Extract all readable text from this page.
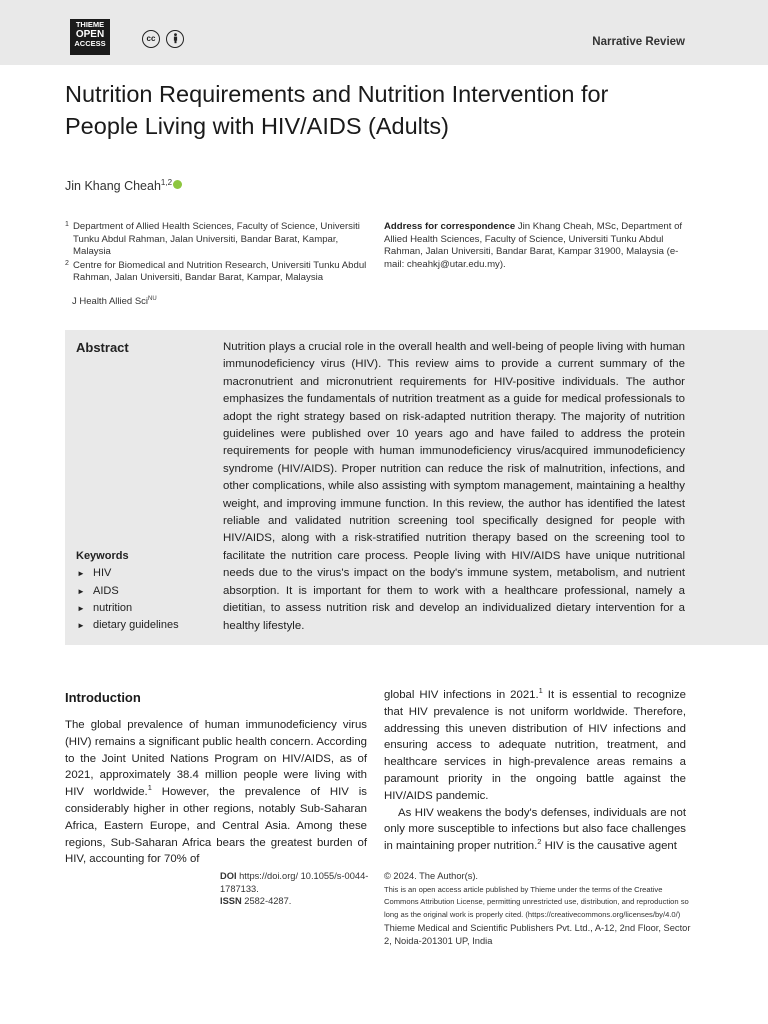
THIEME
OPEN
ACCESS
cc	Narrative Review
Nutrition Requirements and Nutrition Intervention for People Living with HIV/AIDS (Adults)
Jin Khang Cheah$^{1,2}$
1 Department of Allied Health Sciences, Faculty of Science, Universiti Tunku Abdul Rahman, Jalan Universiti, Bandar Barat, Kampar, Malaysia
2 Centre for Biomedical and Nutrition Research, Universiti Tunku Abdul Rahman, Jalan Universiti, Bandar Barat, Kampar, Malaysia
Address for correspondence Jin Khang Cheah, MSc, Department of Allied Health Sciences, Faculty of Science, Universiti Tunku Abdul Rahman, Jalan Universiti, Bandar Barat, Kampar 31900, Malaysia (e-mail: cheahkj@utar.edu.my).
J Health Allied Sci$^{NU}$
Abstract	Nutrition plays a crucial role in the overall health and well-being of people living with human immunodeficiency virus (HIV). This review aims to provide a current summary of the macronutrient and micronutrient requirements for HIV-positive individuals. The author emphasizes the fundamentals of nutrition treatment as a guide for medical professionals to adopt the right strategy based on risk-adapted nutrition therapy. The majority of nutrition guidelines were published over 10 years ago and have failed to address the protein requirements for people with human immunodeficiency virus/acquired immunodeficiency syndrome (HIV/AIDS). Proper nutrition can reduce the risk of malnutrition, infections, and other complications, while also assisting with symptom management, maintaining a healthy weight, and improving immune function. In this review, the author has identified the latest reliable and validated nutrition screening tool specifically designed for people with HIV/AIDS, along with a risk-stratified nutrition therapy based on the screening tool to facilitate the nutrition care process. People living with HIV/AIDS have unique nutritional needs due to the virus's impact on the body's immune system, metabolism, and nutrient absorption. It is important for them to work with a healthcare professional, namely a dietitian, to assess nutrition risk and develop an individualized dietary intervention for a healthy lifestyle.
Keywords
► HIV
► AIDS
► nutrition
► dietary guidelines
Introduction

The global prevalence of human immunodeficiency virus (HIV) remains a significant public health concern. According to the Joint United Nations Program on HIV/AIDS, as of 2021, approximately 38.4 million people were living with HIV worldwide.$^1$ However, the prevalence of HIV is considerably higher in other regions, notably Sub-Saharan Africa, Eastern Europe, and Central Asia. Among these regions, Sub-Saharan Africa bears the greatest burden of HIV, accounting for 70% of

global HIV infections in 2021.$^1$ It is essential to recognize that HIV prevalence is not uniform worldwide. Therefore, addressing this uneven distribution of HIV infections and ensuring access to adequate nutrition, treatment, and healthcare services in high-prevalence areas remains a paramount priority in the ongoing battle against the HIV/AIDS pandemic.

As HIV weakens the body's defenses, individuals are not only more susceptible to infections but also face challenges in maintaining proper nutrition.$^2$ HIV is the causative agent

DOI https://doi.org/ 10.1055/s-0044-1787133.
ISSN 2582-4287.
© 2024. The Author(s).
This is an open access article published by Thieme under the terms of the Creative Commons Attribution License, permitting unrestricted use, distribution, and reproduction so long as the original work is properly cited. (https://creativecommons.org/licenses/by/4.0/)
Thieme Medical and Scientific Publishers Pvt. Ltd., A-12, 2nd Floor, Sector 2, Noida-201301 UP, India
